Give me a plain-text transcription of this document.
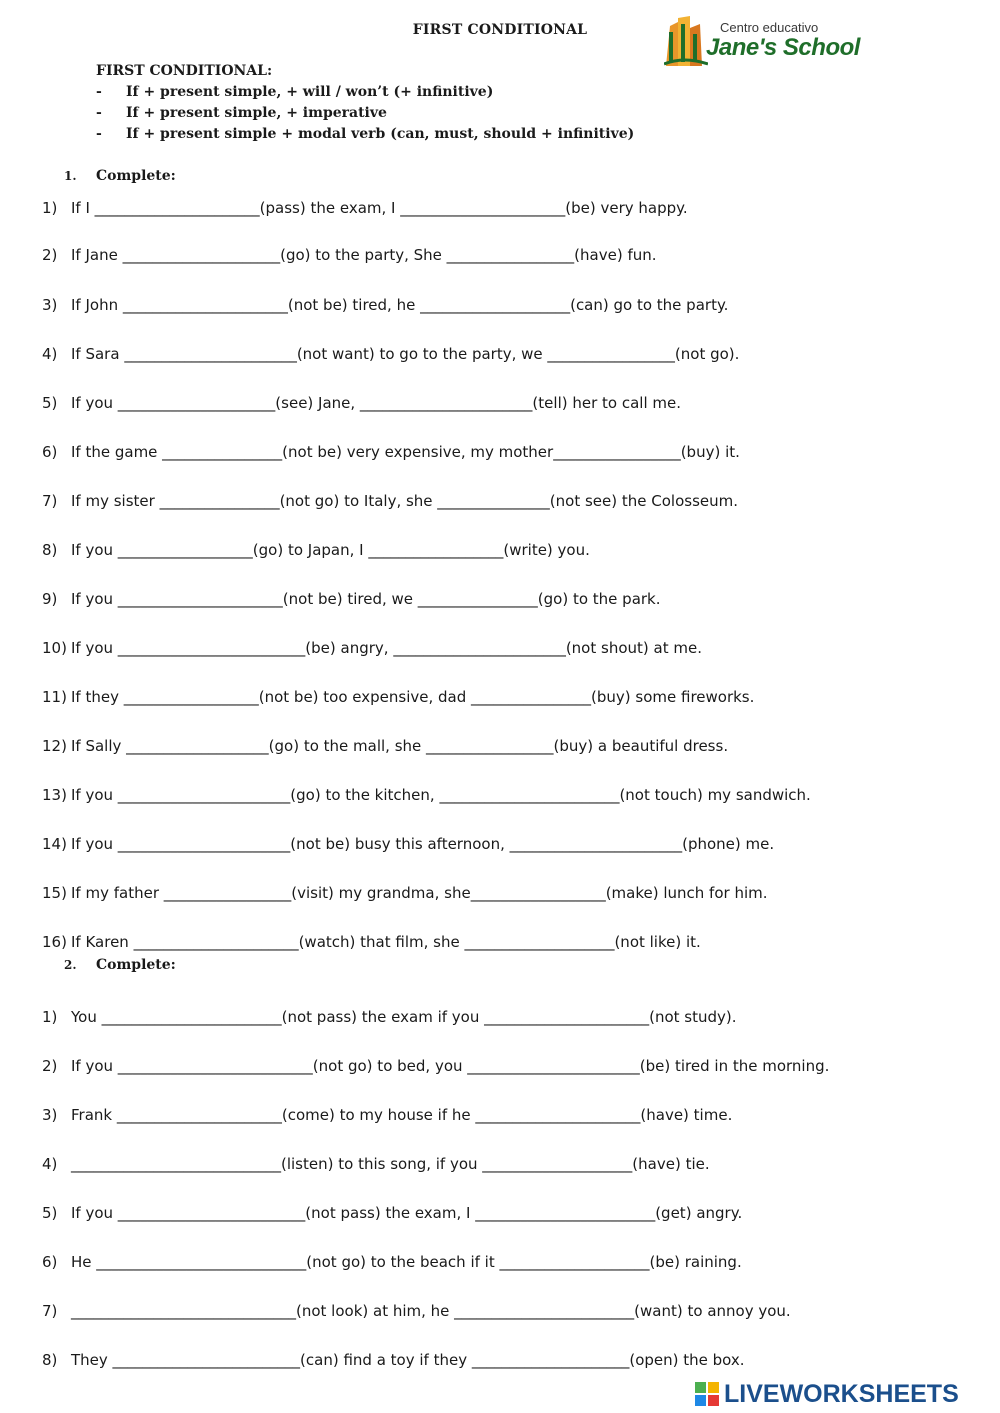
FIRST CONDITIONAL	Centro educativo
Jane's School
FIRST CONDITIONAL:
- If + present simple, + will / won’t (+ infinitive)
- If + present simple, + imperative
- If + present simple + modal verb (can, must, should + infinitive)
1. Complete:
1) If I ______________________(pass) the exam, I ______________________(be) very happy.
2) If Jane _____________________(go) to the party, She _________________(have) fun.
3) If John ______________________(not be) tired, he ____________________(can) go to the party.
4) If Sara _______________________(not want) to go to the party, we _________________(not go).
5) If you _____________________(see) Jane, _______________________(tell) her to call me.
6) If the game ________________(not be) very expensive, my mother_________________(buy) it.
7) If my sister ________________(not go) to Italy, she _______________(not see) the Colosseum.
8) If you __________________(go) to Japan, I __________________(write) you.
9) If you ______________________(not be) tired, we ________________(go) to the park.
10) If you _________________________(be) angry, _______________________(not shout) at me.
11) If they __________________(not be) too expensive, dad ________________(buy) some fireworks.
12) If Sally ___________________(go) to the mall, she _________________(buy) a beautiful dress.
13) If you _______________________(go) to the kitchen, ________________________(not touch) my sandwich.
14) If you _______________________(not be) busy this afternoon, _______________________(phone) me.
15) If my father _________________(visit) my grandma, she__________________(make) lunch for him.
16) If Karen ______________________(watch) that film, she ____________________(not like) it.
2. Complete:
1) You ________________________(not pass) the exam if you ______________________(not study).
2) If you __________________________(not go) to bed, you _______________________(be) tired in the morning.
3) Frank ______________________(come) to my house if he ______________________(have) time.
4) ____________________________(listen) to this song, if you ____________________(have) tie.
5) If you _________________________(not pass) the exam, I ________________________(get) angry.
6) He ____________________________(not go) to the beach if it ____________________(be) raining.
7) ______________________________(not look) at him, he ________________________(want) to annoy you.
8) They _________________________(can) find a toy if they _____________________(open) the box.
LIVEWORKSHEETS
